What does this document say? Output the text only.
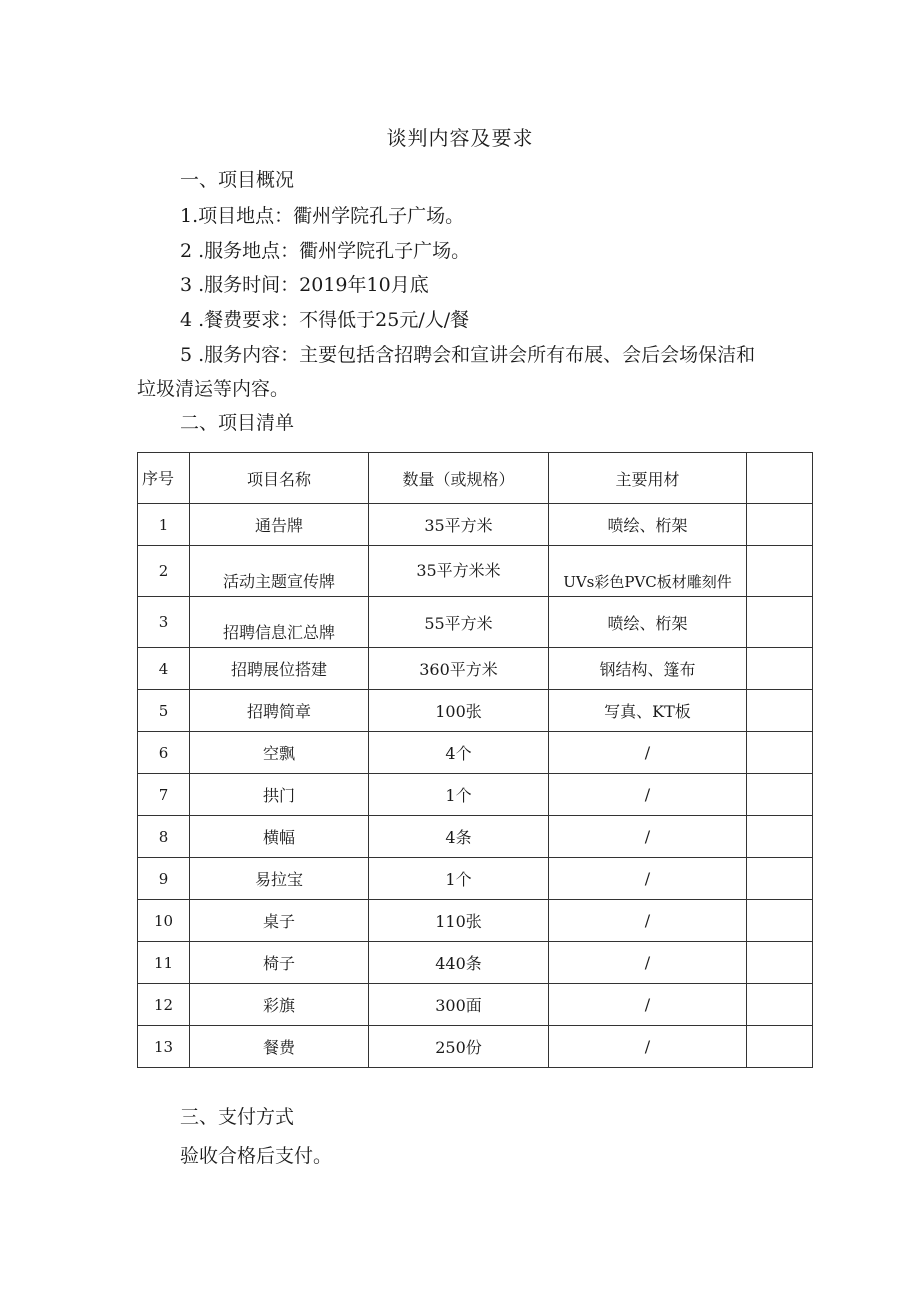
谈判内容及要求
一、项目概况
1.项目地点：衢州学院孔子广场。
2 .服务地点：衢州学院孔子广场。
3 .服务时间：2019年10月底
4 .餐费要求：不得低于25元/人/餐
5 .服务内容：主要包括含招聘会和宣讲会所有布展、会后会场保洁和
垃圾清运等内容。
二、项目清单
序号	项目名称	数量（或规格）	主要用材	
1	通告牌	35平方米	喷绘、桁架	
2	活动主题宣传牌	35平方米米	UVs彩色PVC板材雕刻件	
3	招聘信息汇总牌	55平方米	喷绘、桁架	
4	招聘展位搭建	360平方米	钢结构、篷布	
5	招聘简章	100张	写真、KT板	
6	空飘	4个	/	
7	拱门	1个	/	
8	横幅	4条	/	
9	易拉宝	1个	/	
10	桌子	110张	/	
11	椅子	440条	/	
12	彩旗	300面	/	
13	餐费	250份	/	
三、支付方式
验收合格后支付。
